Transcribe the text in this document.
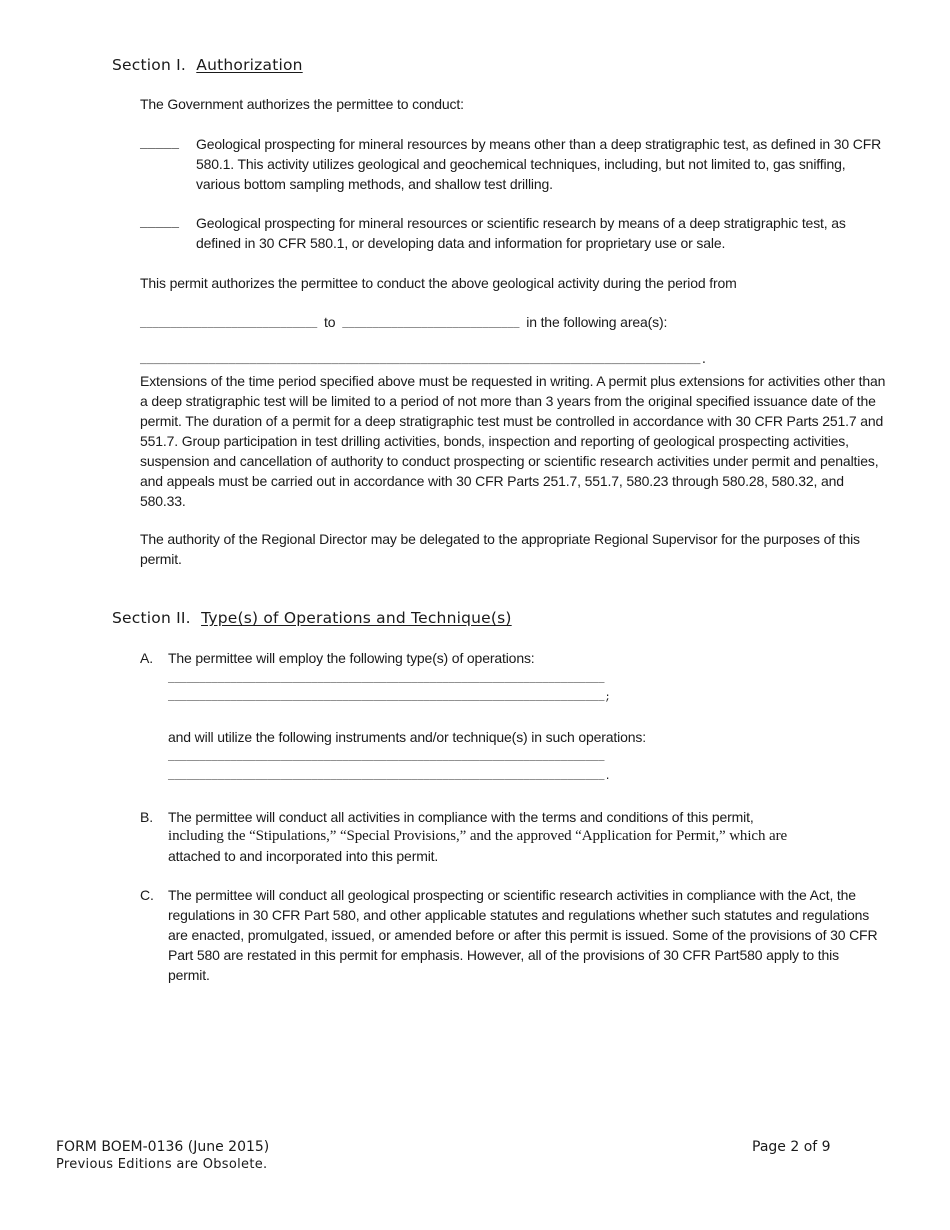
Section I. Authorization
The Government authorizes the permittee to conduct:
_____ Geological prospecting for mineral resources by means other than a deep stratigraphic test, as defined in 30 CFR 580.1. This activity utilizes geological and geochemical techniques, including, but not limited to, gas sniffing, various bottom sampling methods, and shallow test drilling.
_____ Geological prospecting for mineral resources or scientific research by means of a deep stratigraphic test, as defined in 30 CFR 580.1, or developing data and information for proprietary use or sale.
This permit authorizes the permittee to conduct the above geological activity during the period from
_____________________________ to _____________________________ in the following area(s):
__________________________________________________________________________________.
Extensions of the time period specified above must be requested in writing. A permit plus extensions for activities other than a deep stratigraphic test will be limited to a period of not more than 3 years from the original specified issuance date of the permit. The duration of a permit for a deep stratigraphic test must be controlled in accordance with 30 CFR Parts 251.7 and 551.7. Group participation in test drilling activities, bonds, inspection and reporting of geological prospecting activities, suspension and cancellation of authority to conduct prospecting or scientific research activities under permit and penalties, and appeals must be carried out in accordance with 30 CFR Parts 251.7, 551.7, 580.23 through 580.28, 580.32, and 580.33.
The authority of the Regional Director may be delegated to the appropriate Regional Supervisor for the purposes of this permit.
Section II. Type(s) of Operations and Technique(s)
A. The permittee will employ the following type(s) of operations:
______________________________________________________________________
______________________________________________________________________;
and will utilize the following instruments and/or technique(s) in such operations:
______________________________________________________________________
______________________________________________________________________.
B. The permittee will conduct all activities in compliance with the terms and conditions of this permit,
including the “Stipulations,” “Special Provisions,” and the approved “Application for Permit,” which are
attached to and incorporated into this permit.
C. The permittee will conduct all geological prospecting or scientific research activities in compliance with the Act, the regulations in 30 CFR Part 580, and other applicable statutes and regulations whether such statutes and regulations are enacted, promulgated, issued, or amended before or after this permit is issued. Some of the provisions of 30 CFR Part 580 are restated in this permit for emphasis. However, all of the provisions of 30 CFR Part580 apply to this permit.
FORM BOEM-0136 (June 2015)
Previous Editions are Obsolete.
Page 2 of 9
